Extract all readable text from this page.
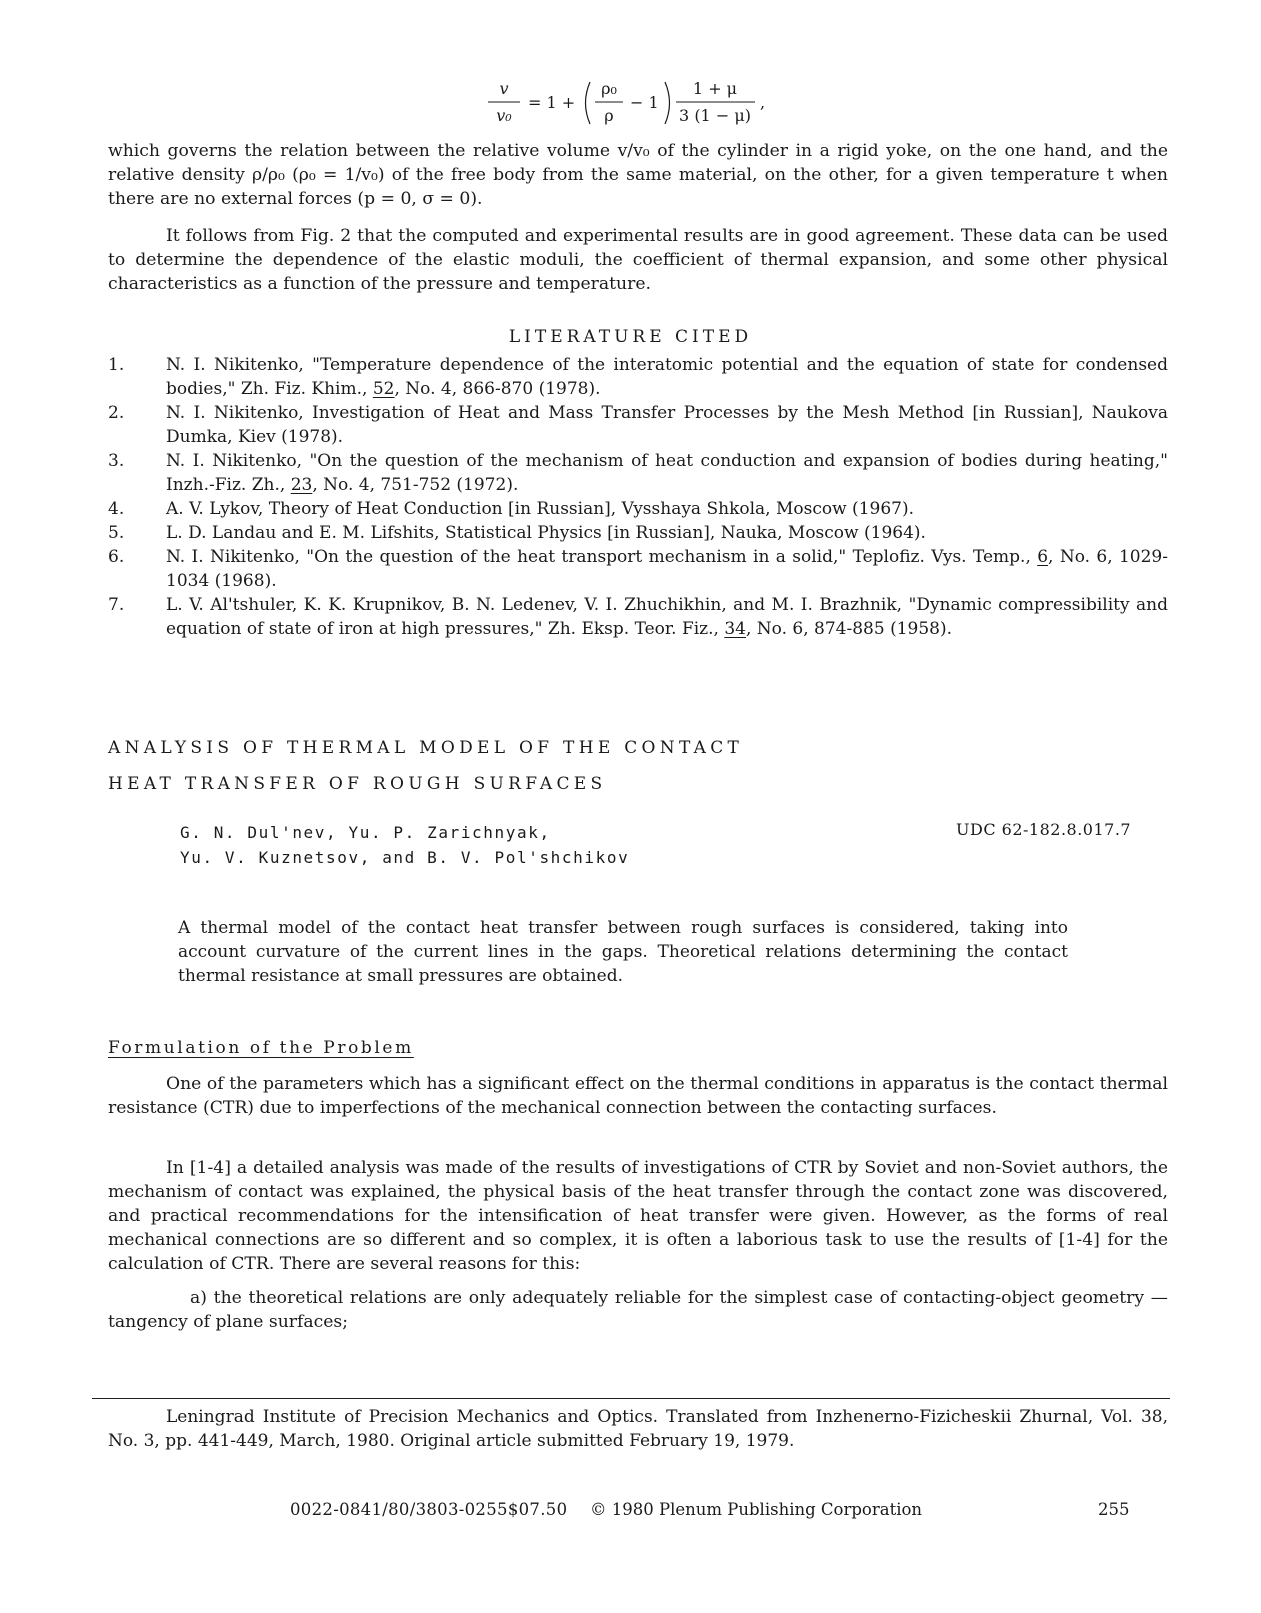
v
v₀
= 1 +
ρ₀
ρ
− 1
1 + μ
3 (1 − μ)
,

which governs the relation between the relative volume v/v₀ of the cylinder in a rigid yoke, on the one hand, and the relative density ρ/ρ₀ (ρ₀ = 1/v₀) of the free body from the same material, on the other, for a given temperature t when there are no external forces (p = 0, σ = 0).

It follows from Fig. 2 that the computed and experimental results are in good agreement. These data can be used to determine the dependence of the elastic moduli, the coefficient of thermal expansion, and some other physical characteristics as a function of the pressure and temperature.

LITERATURE CITED
1. N. I. Nikitenko, "Temperature dependence of the interatomic potential and the equation of state for condensed bodies," Zh. Fiz. Khim., 52, No. 4, 866-870 (1978).
2. N. I. Nikitenko, Investigation of Heat and Mass Transfer Processes by the Mesh Method [in Russian], Naukova Dumka, Kiev (1978).
3. N. I. Nikitenko, "On the question of the mechanism of heat conduction and expansion of bodies during heating," Inzh.-Fiz. Zh., 23, No. 4, 751-752 (1972).
4. A. V. Lykov, Theory of Heat Conduction [in Russian], Vysshaya Shkola, Moscow (1967).
5. L. D. Landau and E. M. Lifshits, Statistical Physics [in Russian], Nauka, Moscow (1964).
6. N. I. Nikitenko, "On the question of the heat transport mechanism in a solid," Teplofiz. Vys. Temp., 6, No. 6, 1029-1034 (1968).
7. L. V. Al'tshuler, K. K. Krupnikov, B. N. Ledenev, V. I. Zhuchikhin, and M. I. Brazhnik, "Dynamic compressibility and equation of state of iron at high pressures," Zh. Eksp. Teor. Fiz., 34, No. 6, 874-885 (1958).
ANALYSIS OF THERMAL MODEL OF THE CONTACT
HEAT TRANSFER OF ROUGH SURFACES
G. N. Dul'nev, Yu. P. Zarichnyak,
Yu. V. Kuznetsov, and B. V. Pol'shchikov
UDC 62-182.8.017.7

A thermal model of the contact heat transfer between rough surfaces is considered, taking into account curvature of the current lines in the gaps. Theoretical relations determining the contact thermal resistance at small pressures are obtained.

Formulation of the Problem

One of the parameters which has a significant effect on the thermal conditions in apparatus is the contact thermal resistance (CTR) due to imperfections of the mechanical connection between the contacting surfaces.

In [1-4] a detailed analysis was made of the results of investigations of CTR by Soviet and non-Soviet authors, the mechanism of contact was explained, the physical basis of the heat transfer through the contact zone was discovered, and practical recommendations for the intensification of heat transfer were given. However, as the forms of real mechanical connections are so different and so complex, it is often a laborious task to use the results of [1-4] for the calculation of CTR. There are several reasons for this:

a) the theoretical relations are only adequately reliable for the simplest case of contacting-object geometry — tangency of plane surfaces;

Leningrad Institute of Precision Mechanics and Optics. Translated from Inzhenerno-Fizicheskii Zhurnal, Vol. 38, No. 3, pp. 441-449, March, 1980. Original article submitted February 19, 1979.

0022-0841/80/3803-0255$07.50 © 1980 Plenum Publishing Corporation	255
